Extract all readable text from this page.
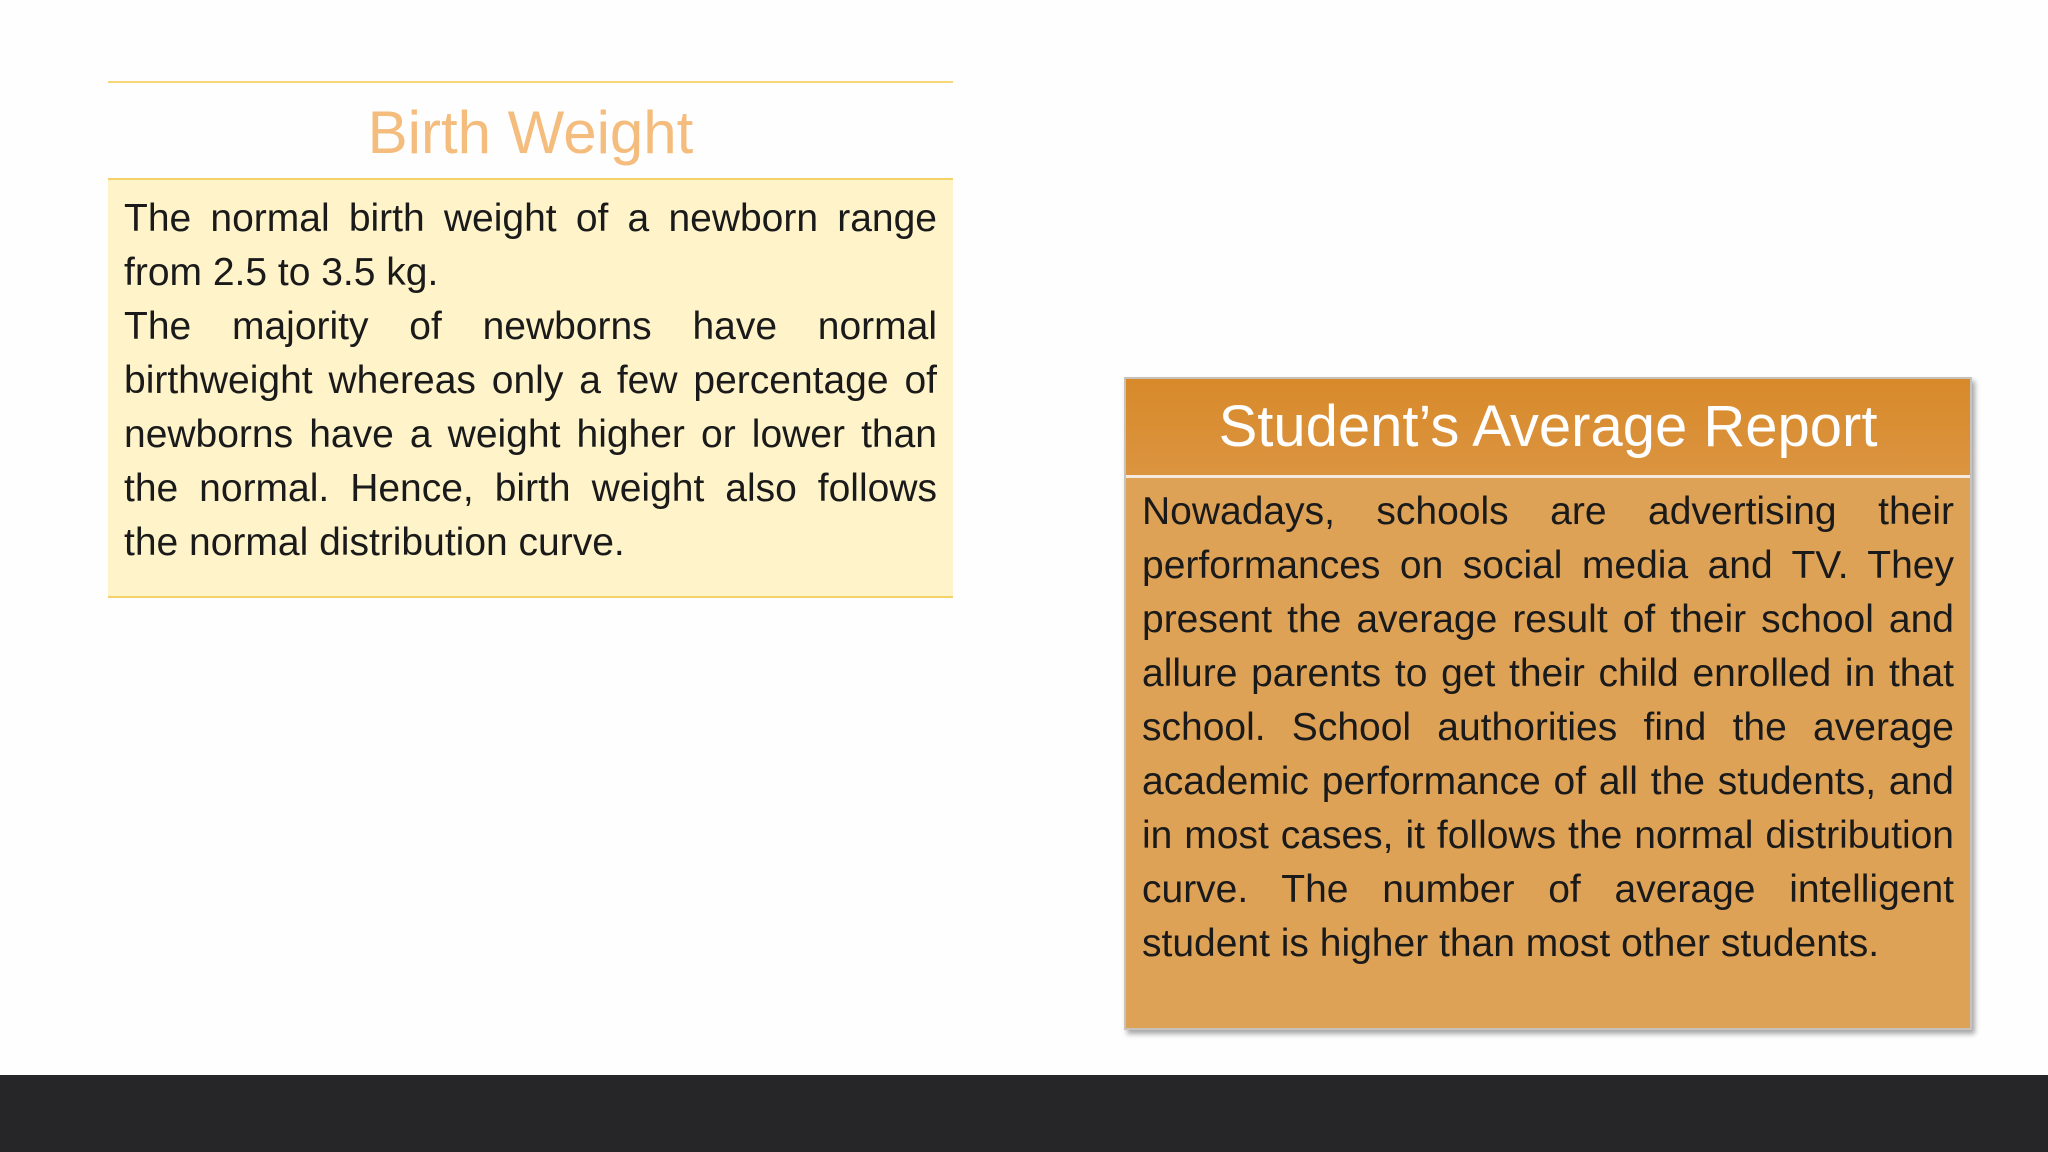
Birth Weight

The normal birth weight of a newborn range from 2.5 to 3.5 kg.

The majority of newborns have normal birthweight whereas only a few percentage of newborns have a weight higher or lower than the normal. Hence, birth weight also follows the normal distribution curve.

Student’s Average Report

Nowadays, schools are advertising their performances on social media and TV. They present the average result of their school and allure parents to get their child enrolled in that school. School authorities find the average academic performance of all the students, and in most cases, it follows the normal distribution curve. The number of average intelligent student is higher than most other students.
